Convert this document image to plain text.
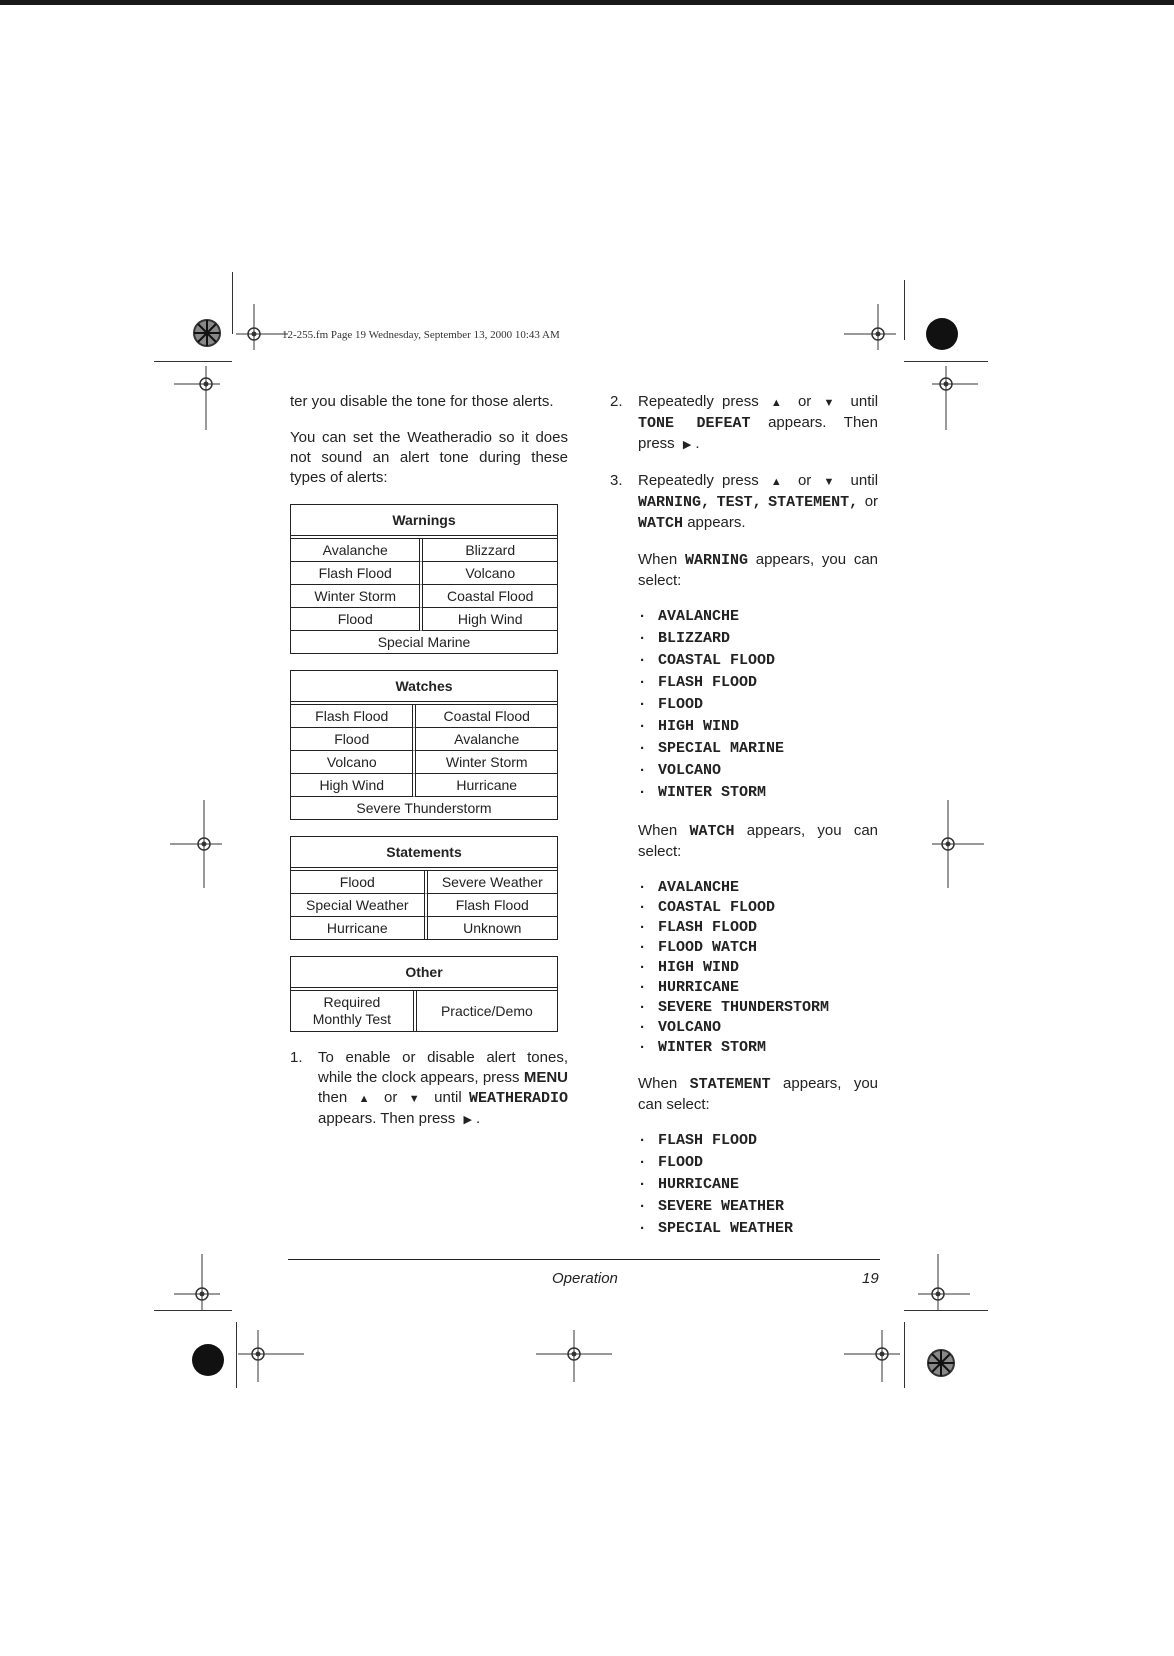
12-255.fm Page 19 Wednesday, September 13, 2000 10:43 AM

ter you disable the tone for those alerts.

You can set the Weatheradio so it does not sound an alert tone during these types of alerts:

Warnings	
Avalanche	Blizzard
Flash Flood	Volcano
Winter Storm	Coastal Flood
Flood	High Wind
Special Marine	
Watches	
Flash Flood	Coastal Flood
Flood	Avalanche
Volcano	Winter Storm
High Wind	Hurricane
Severe Thunderstorm	
Statements	
Flood	Severe Weather
Special Weather	Flash Flood
Hurricane	Unknown
Other
Required
Monthly Test	Practice/Demo
1. To enable or disable alert tones, while the clock appears, press MENU then ▲ or ▼ until WEATHERADIO appears. Then press ▶ .
2. Repeatedly press ▲ or ▼ until TONE DEFEAT appears. Then press ▶ .
3. Repeatedly press ▲ or ▼ until WARNING, TEST, STATEMENT, or WATCH appears.

When WARNING appears, you can select:

· AVALANCHE
· BLIZZARD
· COASTAL FLOOD
· FLASH FLOOD
· FLOOD
· HIGH WIND
· SPECIAL MARINE
· VOLCANO
· WINTER STORM

When WATCH appears, you can select:

· AVALANCHE
· COASTAL FLOOD
· FLASH FLOOD
· FLOOD WATCH
· HIGH WIND
· HURRICANE
· SEVERE THUNDERSTORM
· VOLCANO
· WINTER STORM

When STATEMENT appears, you can select:

· FLASH FLOOD
· FLOOD
· HURRICANE
· SEVERE WEATHER
· SPECIAL WEATHER
Operation	19
